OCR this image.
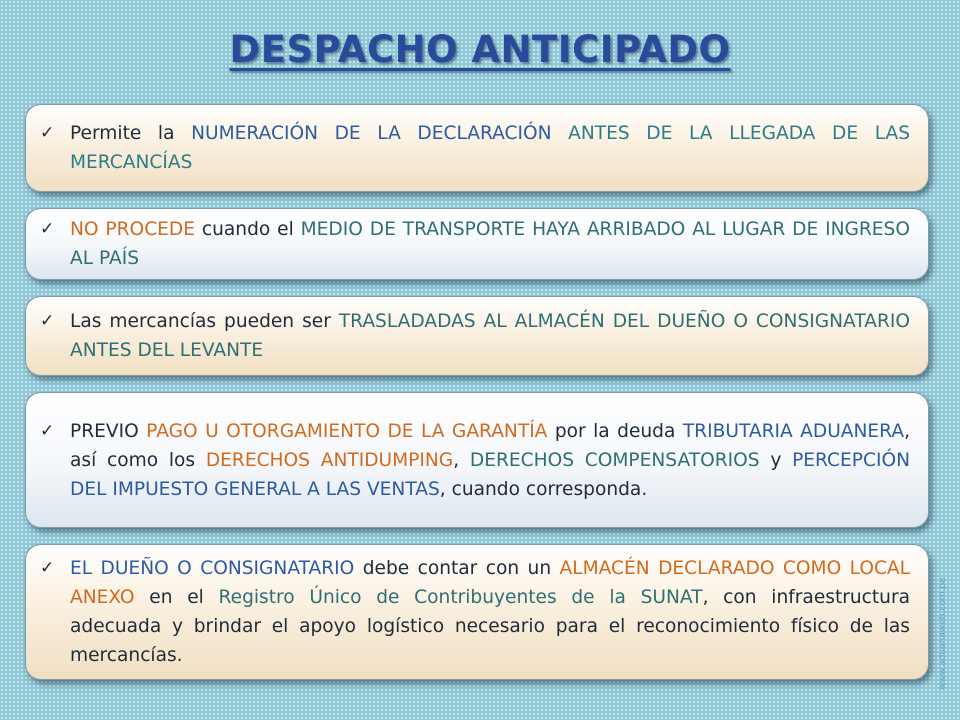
DESPACHO ANTICIPADO

✓ Permite la NUMERACIÓN DE LA DECLARACIÓN ANTES DE LA LLEGADA DE LAS MERCANCÍAS

✓ NO PROCEDE cuando el MEDIO DE TRANSPORTE HAYA ARRIBADO AL LUGAR DE INGRESO AL PAÍS

✓ Las mercancías pueden ser TRASLADADAS AL ALMACÉN DEL DUEÑO O CONSIGNATARIO ANTES DEL LEVANTE

✓ PREVIO PAGO U OTORGAMIENTO DE LA GARANTÍA por la deuda TRIBUTARIA ADUANERA, así como los DERECHOS ANTIDUMPING, DERECHOS COMPENSATORIOS y PERCEPCIÓN DEL IMPUESTO GENERAL A LAS VENTAS, cuando corresponda.

✓ EL DUEÑO O CONSIGNATARIO debe contar con un ALMACÉN DECLARADO COMO LOCAL ANEXO en el Registro Único de Contribuyentes de la SUNAT, con infraestructura adecuada y brindar el apoyo logístico necesario para el reconocimiento físico de las mercancías.	www.aduanaweb.com.pe
